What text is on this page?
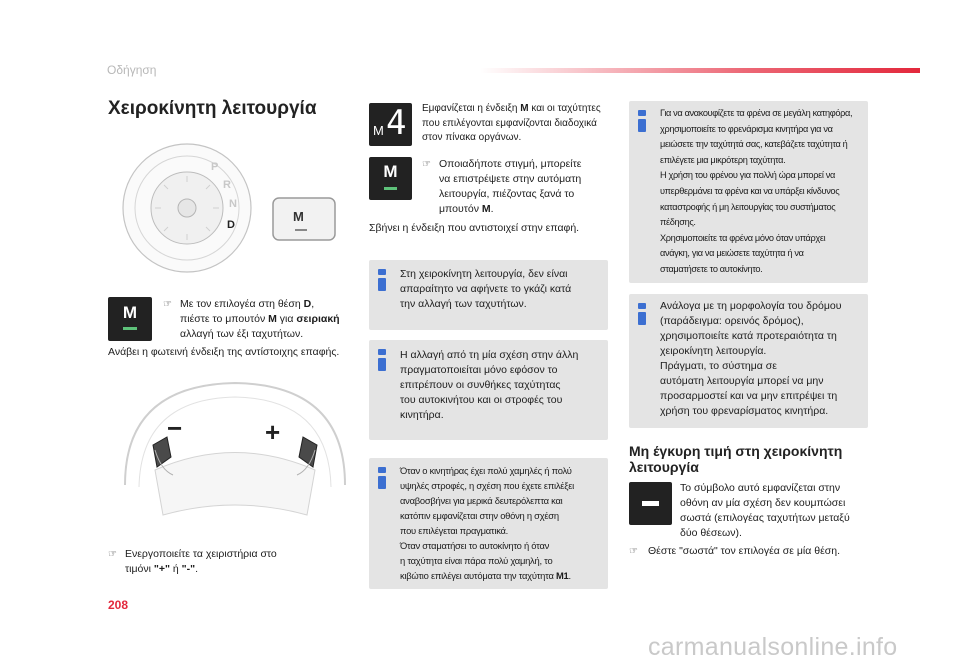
Οδήγηση
Χειροκίνητη λειτουργία
P
R
N
D
M
M	☞ Με τον επιλογέα στη θέση D,
πιέστε το μπουτόν M για σειριακή
αλλαγή των έξι ταχυτήτων.
Ανάβει η φωτεινή ένδειξη της αντίστοιχης επαφής.
−	+
☞ Ενεργοποιείτε τα χειριστήρια στο
τιμόνι "+" ή "-".
M 4 Εμφανίζεται η ένδειξη M και οι ταχύτητες
που επιλέγονται εμφανίζονται διαδοχικά
στον πίνακα οργάνων.
M	☞ Οποιαδήποτε στιγμή, μπορείτε
να επιστρέψετε στην αυτόματη
λειτουργία, πιέζοντας ξανά το
μπουτόν M.
Σβήνει η ένδειξη που αντιστοιχεί στην επαφή.
Στη χειροκίνητη λειτουργία, δεν είναι
απαραίτητο να αφήνετε το γκάζι κατά
την αλλαγή των ταχυτήτων.
Η αλλαγή από τη μία σχέση στην άλλη
πραγματοποιείται μόνο εφόσον το
επιτρέπουν οι συνθήκες ταχύτητας
του αυτοκινήτου και οι στροφές του
κινητήρα.
Όταν ο κινητήρας έχει πολύ χαμηλές ή πολύ
υψηλές στροφές, η σχέση που έχετε επιλέξει
αναβοσβήνει για μερικά δευτερόλεπτα και
κατόπιν εμφανίζεται στην οθόνη η σχέση
που επιλέγεται πραγματικά.
Όταν σταματήσει το αυτοκίνητο ή όταν
η ταχύτητα είναι πάρα πολύ χαμηλή, το
κιβώτιο επιλέγει αυτόματα την ταχύτητα M1.
Για να ανακουφίζετε τα φρένα σε μεγάλη κατηφόρα,
χρησιμοποιείτε το φρενάρισμα κινητήρα για να
μειώσετε την ταχύτητά σας, κατεβάζετε ταχύτητα ή
επιλέγετε μια μικρότερη ταχύτητα.
Η χρήση του φρένου για πολλή ώρα μπορεί να
υπερθερμάνει τα φρένα και να υπάρξει κίνδυνος
καταστροφής ή μη λειτουργίας του συστήματος
πέδησης.
Χρησιμοποιείτε τα φρένα μόνο όταν υπάρχει
ανάγκη, για να μειώσετε ταχύτητα ή να
σταματήσετε το αυτοκίνητο.
Ανάλογα με τη μορφολογία του δρόμου
(παράδειγμα: ορεινός δρόμος),
χρησιμοποιείτε κατά προτεραιότητα τη
χειροκίνητη λειτουργία.
Πράγματι, το σύστημα σε
αυτόματη λειτουργία μπορεί να μην
προσαρμοστεί και να μην επιτρέψει τη
χρήση του φρεναρίσματος κινητήρα.
Μη έγκυρη τιμή στη χειροκίνητη
λειτουργία
Το σύμβολο αυτό εμφανίζεται στην
οθόνη αν μία σχέση δεν κουμπώσει
σωστά (επιλογέας ταχυτήτων μεταξύ
δύο θέσεων).
☞ Θέστε "σωστά" τον επιλογέα σε μία θέση.
208
carmanualsonline.info
